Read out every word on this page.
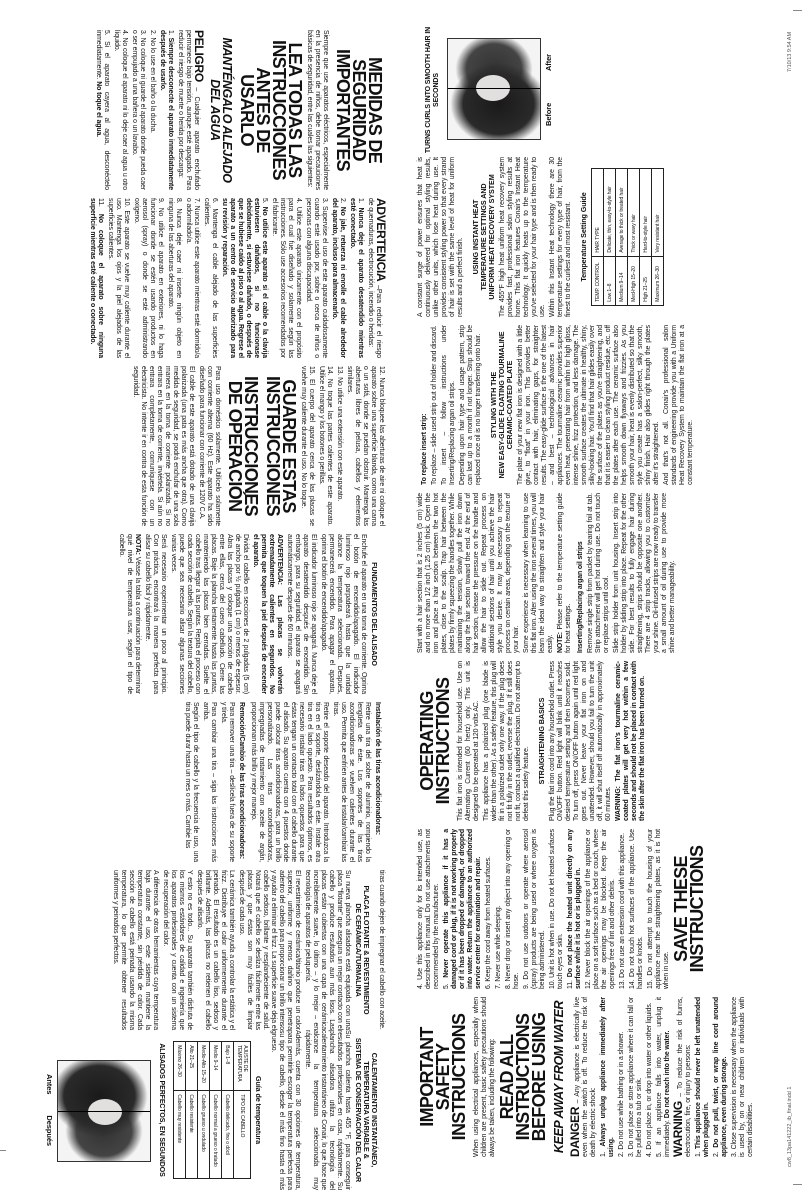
MEDIDAS DE
SEGURIDAD
IMPORTANTES
Siempre que use aparatos eléctricos, especialmente en la presencia de niños, debe tomar precauciones básicas de seguridad, entre las cuales las siguientes:
LEA TODAS LAS
INSTRUCCIONES
ANTES DE USARLO
MANTÉNGALO ALEJADO
DEL AGUA
PELIGRO – Cualquier aparato enchufado permanece bajo tensión, aunque esté apagado. Para reducir el riesgo de muerte o herida por descarga:
1. Siempre desconecte el aparato inmediatamente después de usarlo.
2. No lo use en el baño o la ducha.
3. No coloque ni guarde el aparato donde pueda caer o ser empujado a una bañera o un lavabo.
4. No coloque el aparato ni lo deje caer al agua u otro líquido.
5. Si el aparato cayera al agua, desconéctelo inmediatamente. No toque el agua.
ADVERTENCIA –Para reducir el riesgo de quemaduras, electrocución, incendio o heridas:
1. Nunca deje el aparato desatendido mientras esté conectado.
2. No jale, retuerza ni enrolle el cable alrededor del aparato, incluso para almacenarlo.
3. Supervise el uso de este aparato cuidadosamente cuando esté usado por, sobre o cerca de niños o personas con alguna discapacidad.
4. Utilice este aparato únicamente con el propósito para el cual fue diseñado y solamente según las instrucciones. Sólo use accesorios recomendados por el fabricante.
5. No utilice este aparato si el cable o la clavija estuviesen dañados, si no funcionase debidamente, si estuviese dañado, o después de que se hubiese caído al piso o al agua. Regrese el aparato a un centro de servicio autorizado para su revisión y reparación.
6. Mantenga el cable alejado de las superficies calientes.
7. Nunca utilice este aparato mientras esté dormido/a o adormilado/a.
8. Nunca deje caer ni inserte ningún objeto en ninguna de las aberturas del aparato.
9. No utilice el aparato en exteriores, ni lo haga funcionar donde se estén usando productos en aerosol (spray) o donde se esté administrando oxígeno.
10. Este aparato se vuelve muy caliente durante el uso. Mantenga los ojos y la piel alejados de las superficies calientes.
11. No coloque el aparato sobre ninguna superficie mientras esté caliente o conectado.
12. Nunca bloquee las aberturas de aire ni coloque el aparato sobre una superficie blanda, como una cama o un sofá, donde se puedan obstruir. Mantenga las aberturas libres de pelusa, cabellos y elementos similares.
13. No utilice una extensión con este aparato.
14. No toque las partes calientes de este aparato. Utilice el mango y los botones o perillas.
15. El cuerpo del aparato cerca de las placas se vuelve muy caliente durante el uso. No lo toque.
GUARDE ESTAS
INSTRUCCIONES
INSTRUCCIONES
DE OPERACIÓN
Para uso doméstico solamente. Utilícelo solamente con corriente alterna (60 Hz). Este aparato ha sido diseñado para funcionar con corriente de 120V C.A.
El cable de este aparato está dotado de una clavija polarizada (una pata es más ancha que otra). Como medida de seguridad, se podrá enchufar de una sola manera en la toma de corriente polarizada. Si no entrara en la toma de corriente, inviértela. Si aún no entrara completamente, comuníquese con un electricista. No intente ir en contra de esta función de seguridad.
FUNDAMENTOS DEL ALISADO
Enchufe el aparato en una toma de corriente. Oprima el botón de encendido/apagado. El indicador luminoso rojo parpadeará hasta que la unidad alcance la temperatura seleccionada. Después, permanecerá encendido. Para apagar el aparato, oprima el botón de encendido/apagado.
El indicador luminoso rojo se apagará. Nunca deje el aparato desatendido después de encendido. Sin embargo, para su seguridad, el aparato se apagará automáticamente después de 60 minutos.
ADVERTENCIA: Las placas se volverán extremadamente calientes en segundos. No permita que toquen la piel después de encender el aparato.
Divida el cabello en secciones de 2 pulgadas (5 cm) de ancho por ½ pulgada (1 cm) o menos de espesor. Abra las placas y coloque una sección de cabello entre ellas, cerca del cuero cabelludo. Cierre las placas. Baje la plancha lentamente hasta las puntas, manteniendo las placas bien cerradas. Suelte el cabello tras llegar a las puntas. Repita el proceso con cada sección de cabello. Según la textura del cabello, puede que sea necesario alisar algunas secciones varias veces.
Será necesario experimentar un poco al principio. Con práctica, encontrará la manera perfecta para alisar su cabello fácil y rápidamente.
NOTA: Véase la tabla a continuación para determinar qué nivel de temperatura usar, según el tipo de cabello.
Instalación de las tiras acondicionadoras:
Retire una tira del sobre de aluminio, rompiendo la lengüeta de éste. Los soportes de las tiras acondicionadoras se vuelven calientes durante el uso. Permita que enfríen antes de instalar/cambiar las tiras.
Retire el soporte deseado del aparato. Introduzca la tira en el soporte, deslizándola en éste. Instale otra tira en el lado opuesto. Para resultados óptimos, es necesario instalar tiras en lados opuestos para que éstas tengan un contacto total con el cabello durante el alisado. Su aparato cuenta con 4 puestos donde puede colocar tiras acondicionadoras, para un brillo personalizado. Las tiras acondicionadoras, impregnadas de tratamiento con aceite de argán, proporcionan más brillo y mejor manejo.
Remoción/Cambio de las tiras acondicionadoras:
Para remover una tira – deslícela fuera de su soporte y tírela.
Para cambiar una tira – siga las instrucciones más arriba.
Según el tipo de cabello y la frecuencia de uso, una tira puede durar hasta un mes o más. Cambie las
tiras cuando dejen de impregnar el cabello con aceite.
PLACA FLOTANTE & REVESTIMIENTO
DE CERÁMICA/TURMALINA
Su nueva plancha alisadora está equipada con una placa "flotante" que asegura un mejor contacto con el cabello y produce resultados aun más lisos. Las placas están cubiertas con una capa de cerámica increíblemente suave, lo último – y lo mejor – en tecnología de aparatos de peluquería.
El revestimiento de cerámica/titanio produce un calor superior, uniforme y menos dañino que penetra adentro del cabello para proporcionar un brillo intenso y ayudar a eliminar el frizz. La superficie suave deja el cabello sedoso, brillante y resplandeciente de salud. Notará que el cabello se desliza fácilmente entre las placas y que éstas son muy fáciles de limpiar después de cada uso.
La cerámica también ayuda a controlar la estática y el frizz. Distribuye el calor uniformemente durante el peinado. El resultado es un cabello liso, sedoso y brillante. Además, las placas no retienen el cabello después de alisarlo.
Y esto no es todo... Su aparato también disfruta de los mismos estándares de calidad e ingeniería que los aparatos profesionales y cuenta con un sistema de recuperación del calor.
A diferencia de otras herramientas cuya temperatura baja durante el uso, este sistema mantiene la temperatura constante, sin pérdida de calor. Cada sección de cabello está peinada usando la misma temperatura, lo que permite obtener resultados uniformes y peinados perfectos.
CALENTAMIENTO INSTANTÁNEO,
TEMPERATURA VARIABLE &
SISTEMA DE CONSERVACIÓN DEL CALOR
Su plancha calienta hasta 455 °F, para conseguir resultados profesionales en casa, rápidamente. Su plancha alisadora utiliza la tecnología del calentamiento instantáneo de Conair, lo que hace que alcance la temperatura seleccionada muy rápidamente.
Además, cuenta con 30 opciones de temperatura, para permitirle escoger la temperatura perfecta para su tipo de cabello, desde el más fino hasta el más grueso.
Guía de temperatura
AJUSTE DE TEMPERATURA	TIPO DE CABELLO
Bajo 1–8	Cabello delicado, fino o dócil
Medio 9–14	Cabello normal a grueso o tratado
Medio-Alto 15–20	Cabello grueso u ondulado
Alto 21–25	Cabello resistente
Máximo 26–30	Cabello muy resistente
ALISADOS PERFECTOS, EN SEGUNDOS
Antes
Después	cw8_13pa141222_ib_final.indd 1
7/10/13 9:54 AM
IMPORTANT SAFETY
INSTRUCTIONS When using electrical appliances, especially when children are present, basic safety precautions should always be taken, including the following: READ ALL INSTRUCTIONS
BEFORE USING KEEP AWAY FROM WATER DANGER – Any appliance is electrically live even when the switch is off. To reduce the risk of death by electric shock: 1. Always unplug appliance immediately after using. 2. Do not use while bathing or in a shower. 3. Do not place or store appliance where it can fall or be pulled into a tub or sink. 4. Do not place in, or drop into water or other liquids. 5. If an appliance falls into water, unplug it immediately. Do not reach into the water.
WARNING – To reduce the risk of burns, electrocution, fire, or injury to persons: 1. This appliance should never be left unattended when plugged in. 2. Do not pull, twist, or wrap line cord around appliance, even during storage. 3. Close supervision is necessary when the appliance is used by, on or near children or individuals with certain disabilities.
4. Use this appliance only for its intended use, as described in this manual. Do not use attachments not recommended by the manufacturer. 5. Never operate this appliance if it has a damaged cord or plug, if it is not working properly or if it has been dropped or damaged, or dropped into water. Return the appliance to an authorized service center for examination and repair. 6. Keep the cord away from heated surfaces. 7. Never use while sleeping. 8. Never drop or insert any object into any opening or hose. 9. Do not use outdoors or operate where aerosol (spray) products are being used or where oxygen is being administered. 10. Unit is hot when in use. Do not let heated surfaces touch eyes or skin. 11. Do not place the heated unit directly on any surface while it is hot or is plugged in. 12. Never block the air openings of the appliance or place on a soft surface such as a bed or couch, where the air openings may be blocked. Keep the air openings free of lint and other debris. 13. Do not use an extension cord with this appliance. 14. Do not touch hot surfaces of the appliance. Use handles or knobs. 15. Do not attempt to touch the housing of your appliance near the straightening plates, as it is hot when in use.
SAVE THESE
INSTRUCTIONS
OPERATING
INSTRUCTIONS This flat iron is intended for household use. Use on Alternating Current (60 hertz) only. This unit is designed to be operated at 120 volts AC. This appliance has a polarized plug (one blade is wider than the other). As a safety feature, this plug will fit in a polarized outlet only one way. If the plug does not fit fully in the outlet, reverse the plug. If it still does not fit, contact a qualified electrician. Do not attempt to defeat this safety feature. STRAIGHTENING BASICS Plug the flat iron cord into any household outlet. Press ON/OFF button. Red light will blink until it reaches desired temperature setting and then becomes solid. To turn off, press ON/OFF button again until red light goes out. Never leave your flat iron on and unattended. However, should you fail to turn the unit off, it will shut itself off automatically in approximately 60 minutes. WARNING: The flat iron's tourmaline ceramic-coated plates will get very hot within a few seconds and should not be placed in contact with the skin after the flat iron has been turned on.
Start with a hair section that is 2 inches (5 cm) wide and no more than 1/2 inch (1.25 cm) thick. Open the iron and place a hair section between the two hot plates, close to the scalp. Trap hair between the plates by firmly squeezing the handles together. While maintaining the tension, slowly pull the iron down along the hair section toward the end. At the end of hair section, release the pressure on the handle and allow the hair to slide out. Repeat process on additional sections of hair until you achieve the hair style you desire. It may be necessary to repeat process on certain areas, depending on the texture of your hair. Some experience is necessary when learning to use this flat iron. After using the iron several times, you will learn the ideal way to straighten and style your hair easily. NOTE: Please refer to the temperature setting guide for heat settings. Inserting/Replacing argan oil strips Remove single strip from packet by tearing foil at tab. Strip attachment will get hot during use. Do not touch or replace strips until cool. Slide strip holder from unit housing. Insert strip into holder by sliding strip into place. Repeat for the other side. For best results to fully engage hair during straightening, strips should be opposite one another. There are 4 strip tracks, allowing you to customize your shine. Oil-infused strips are now ready to transfer a small amount of oil during use to provide more shine and better manageability.
To replace insert strip: To replace – slide used strip out of holder and discard. To insert – follow instructions under Inserting/Replacing argan oil strips. Depending upon hair type and usage pattern, strip can last up to a month if not longer. Strip should be replaced once oil is no longer transferring onto hair. STYLING WITH THE
NEW EASY-GLIDE FLOATING TOURMALINE
CERAMIC-COATED PLATE The plate of your new flat iron is designed with a little give, to "float" in your iron. This provides better contact with hair, eliminating gaps, for straighter results. The easy-glide surface is the one of the latest – and best – technological advances in hair appliances. The tourmaline ceramic provides superior even heat, penetrating hair from within for high gloss, intense shine, frizz protection, and less damage. The smooth surface creates the ultimate in healthy, shiny, silky-looking hair. You'll find that hair glides easily over the surface of the plates as you're straightening, and that it is easier to clean styling product residue, etc. off the plates after each use. The ceramic surface also helps smooth down flyaways and frizzies. As you smooth your hair, heat is evenly distributed so that the style you create has a salon-perfect, silky smooth, shiny finish. Hair also glides right through the plates after it's straightened. And that's not all. Conair's professional salon standards of engineering provide you with a Uniform Heat Recovery System to maintain the flat iron at a constant temperature.
A constant surge of power ensures that heat is continuously delivered for optimal styling results, unlike other units, which lose heat during use. It provides consistent styling power so that every strand of hair is set with the same level of heat for uniform results and a perfect finish. USING INSTANT HEAT
TEMPERATURE SETTINGS AND
UNIFORM HEAT RECOVERY SYSTEM The 455°F high heat uniform heat recovery system provides fast, professional salon styling results at home. This flat iron features Conair's Instant Heat technology. It quickly heats up to the temperature you've selected for your hair type and is then ready to use. Within this Instant Heat technology there are 30 temperature settings for every type of hair, from the finest to the curliest and most resistant. Temperature Setting Guide
TEMP. CONTROL	HAIR TYPE
Low 1–8	Delicate, thin, easy-to-style hair
Medium 9–14	Average to thick or treated hair
Med-High 15–20	Thick or wavy hair
High 21–25	Hard-to-style hair
Maximum 26–30	Very resistant hair
TURNS CURLS INTO SMOOTH HAIR IN SECONDS
Before
After
